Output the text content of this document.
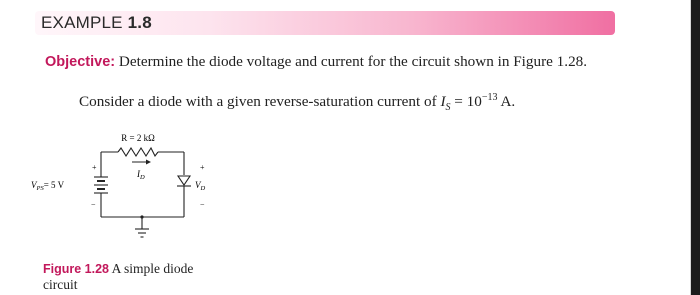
EXAMPLE 1.8
Objective: Determine the diode voltage and current for the circuit shown in Figure 1.28.
Consider a diode with a given reverse-saturation current of $I_S = 10^{-13}$ A.
R = 2 kΩ
$I_D$
+
−
$V_{PS}= 5$ V
+
−
$V_D$
Figure 1.28 A simple diode circuit
